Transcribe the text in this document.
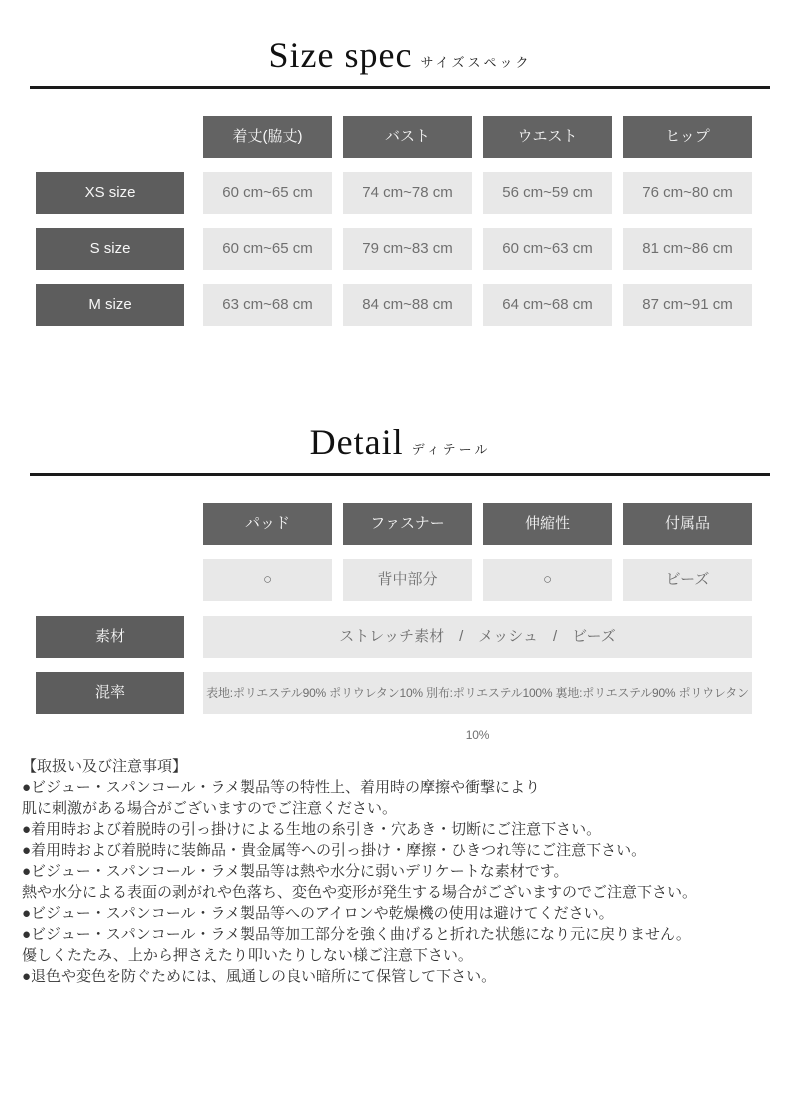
Size spec サイズスペック
着丈(脇丈)	バスト	ウエスト	ヒップ
XS size	60 cm~65 cm	74 cm~78 cm	56 cm~59 cm	76 cm~80 cm
S size	60 cm~65 cm	79 cm~83 cm	60 cm~63 cm	81 cm~86 cm
M size	63 cm~68 cm	84 cm~88 cm	64 cm~68 cm	87 cm~91 cm
Detail ディテール
パッド	ファスナー	伸縮性	付属品
○	背中部分	○	ビーズ
素材	ストレッチ素材　/　メッシュ　/　ビーズ
混率	表地:ポリエステル90% ポリウレタン10% 別布:ポリエステル100% 裏地:ポリエステル90% ポリウレタン10%
【取扱い及び注意事項】
●ビジュー・スパンコール・ラメ製品等の特性上、着用時の摩擦や衝撃により
肌に刺激がある場合がございますのでご注意ください。
●着用時および着脱時の引っ掛けによる生地の糸引き・穴あき・切断にご注意下さい。
●着用時および着脱時に装飾品・貴金属等への引っ掛け・摩擦・ひきつれ等にご注意下さい。
●ビジュー・スパンコール・ラメ製品等は熱や水分に弱いデリケートな素材です。
熱や水分による表面の剥がれや色落ち、変色や変形が発生する場合がございますのでご注意下さい。
●ビジュー・スパンコール・ラメ製品等へのアイロンや乾燥機の使用は避けてください。
●ビジュー・スパンコール・ラメ製品等加工部分を強く曲げると折れた状態になり元に戻りません。
優しくたたみ、上から押さえたり叩いたりしない様ご注意下さい。
●退色や変色を防ぐためには、風通しの良い暗所にて保管して下さい。
